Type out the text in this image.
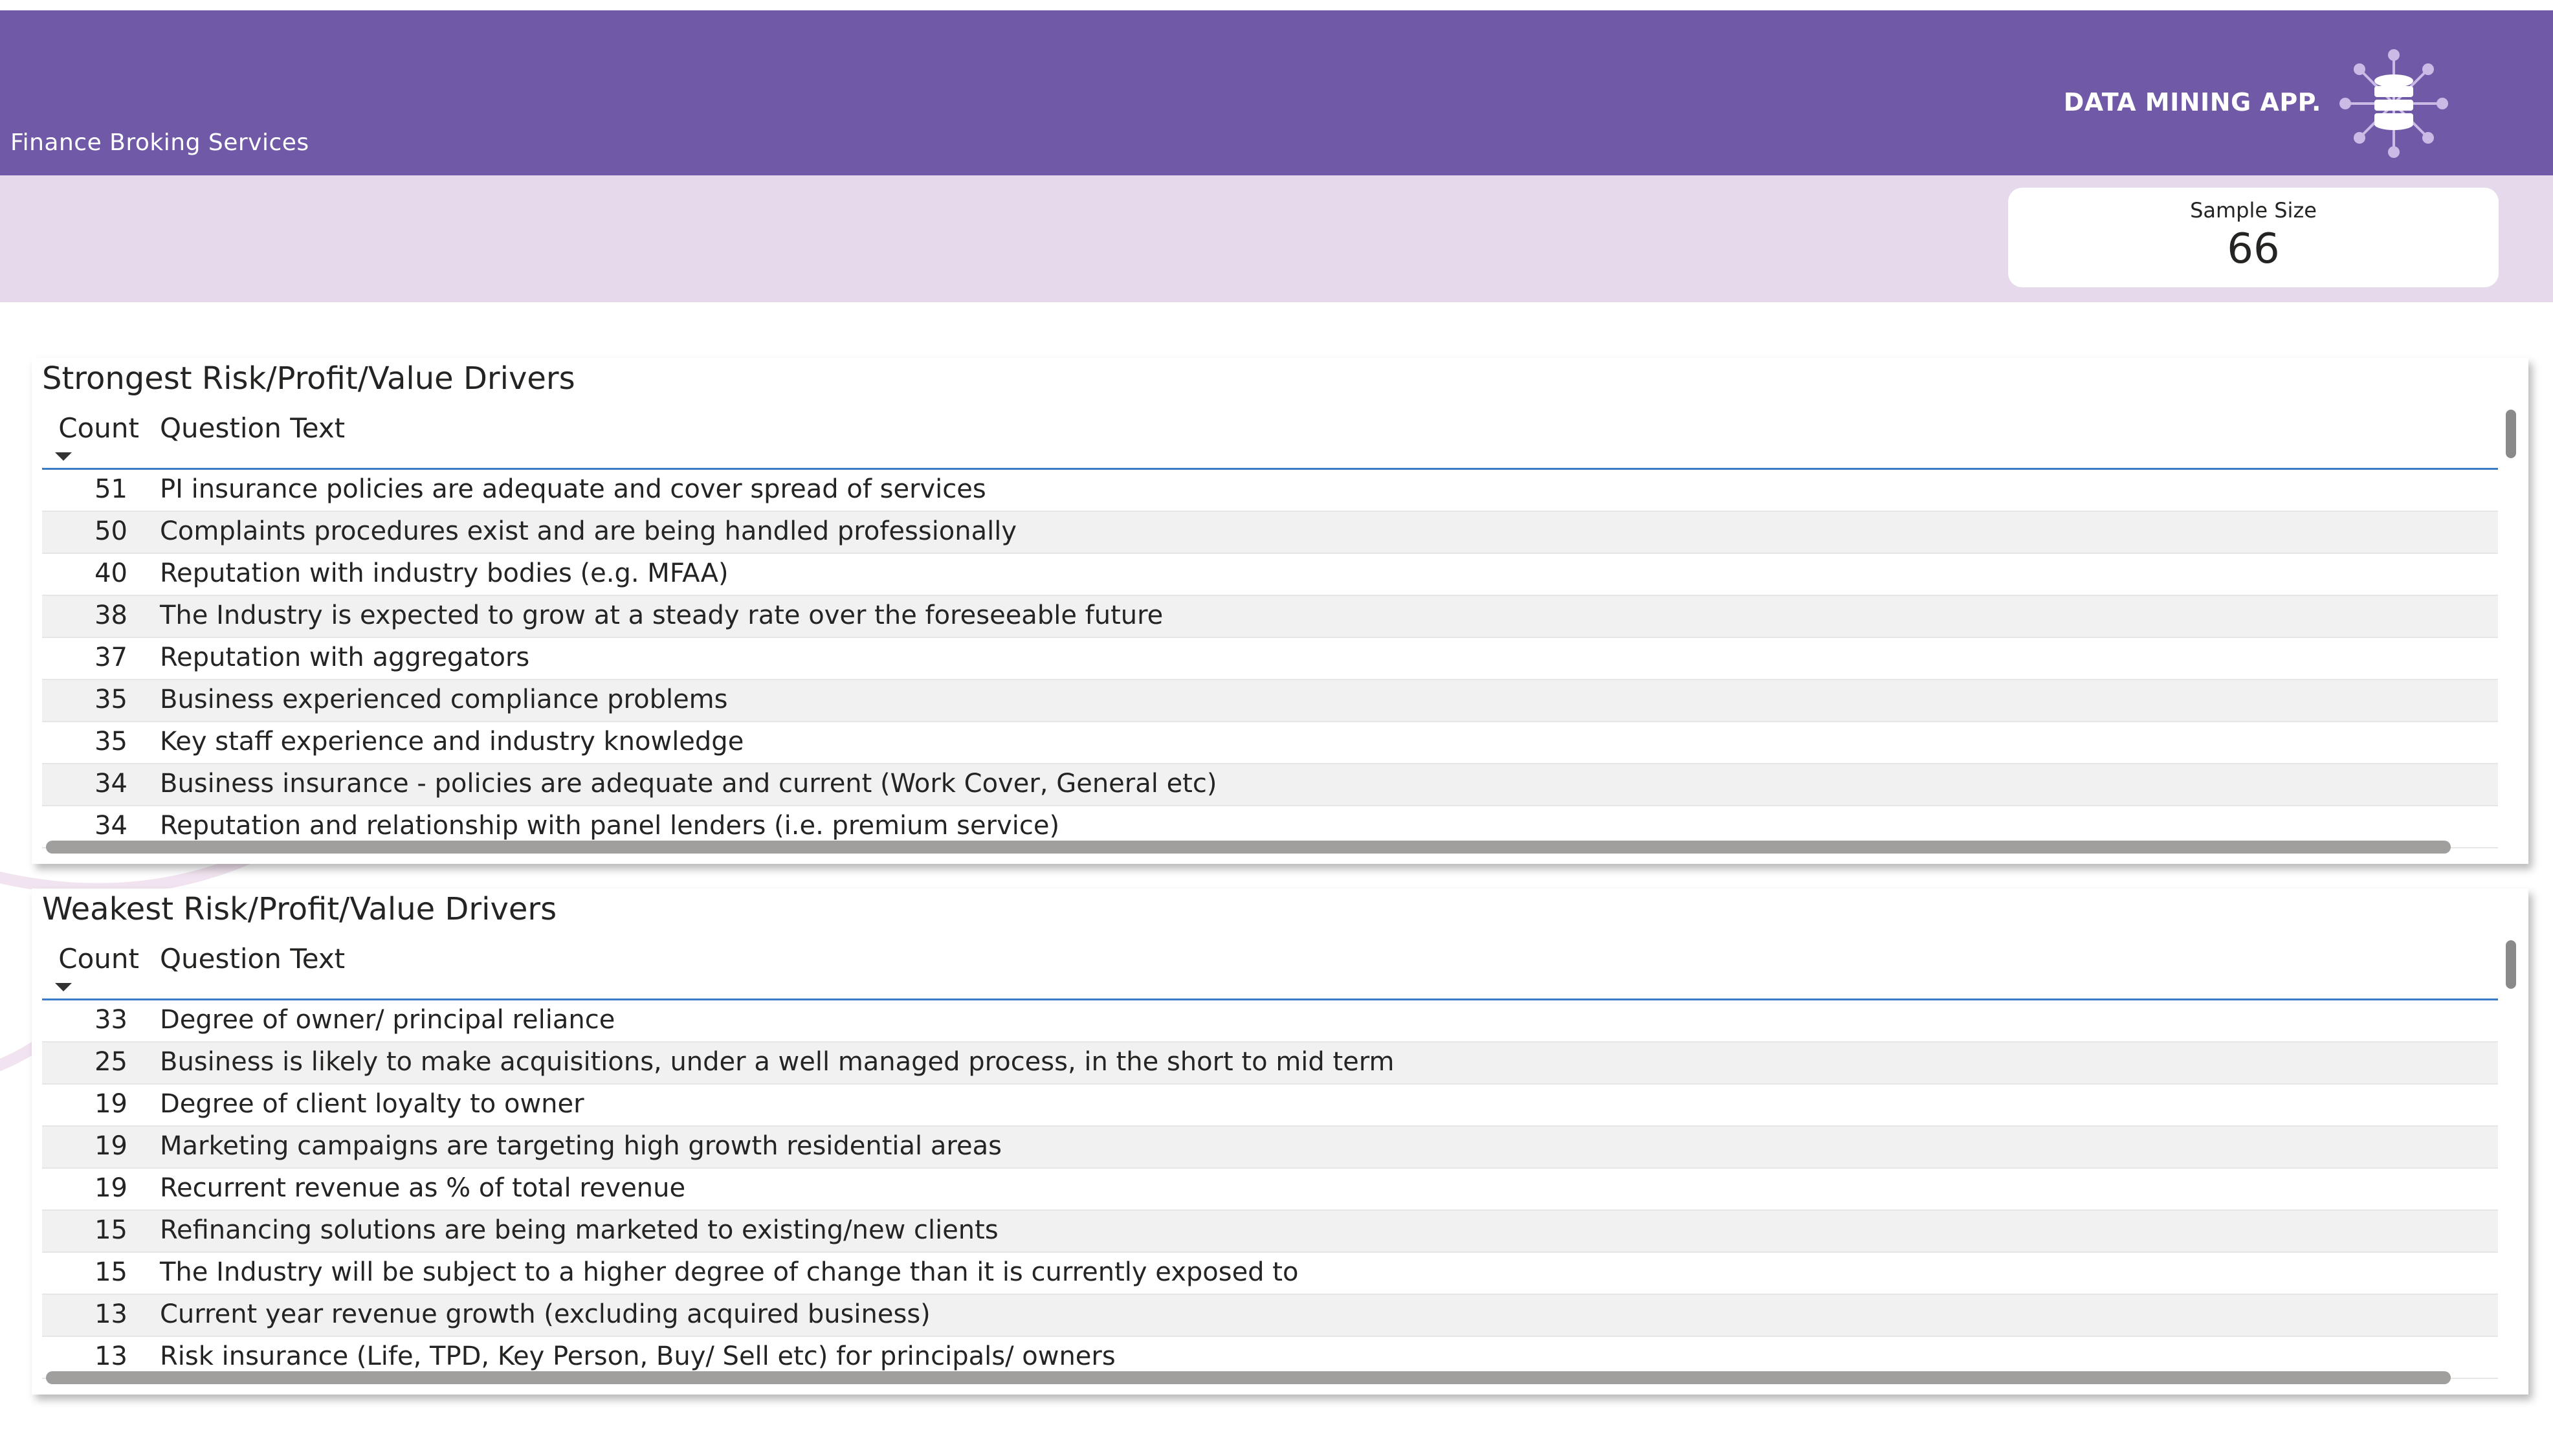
Finance Broking Services
DATA MINING APP.
Sample Size
66
Strongest Risk/Profit/Value Drivers
Count Question Text
51 PI insurance policies are adequate and cover spread of services
50 Complaints procedures exist and are being handled professionally
40 Reputation with industry bodies (e.g. MFAA)
38 The Industry is expected to grow at a steady rate over the foreseeable future
37 Reputation with aggregators
35 Business experienced compliance problems
35 Key staff experience and industry knowledge
34 Business insurance - policies are adequate and current (Work Cover, General etc)
34 Reputation and relationship with panel lenders (i.e. premium service)
Weakest Risk/Profit/Value Drivers
Count Question Text
33 Degree of owner/ principal reliance
25 Business is likely to make acquisitions, under a well managed process, in the short to mid term
19 Degree of client loyalty to owner
19 Marketing campaigns are targeting high growth residential areas
19 Recurrent revenue as % of total revenue
15 Refinancing solutions are being marketed to existing/new clients
15 The Industry will be subject to a higher degree of change than it is currently exposed to
13 Current year revenue growth (excluding acquired business)
13 Risk insurance (Life, TPD, Key Person, Buy/ Sell etc) for principals/ owners
